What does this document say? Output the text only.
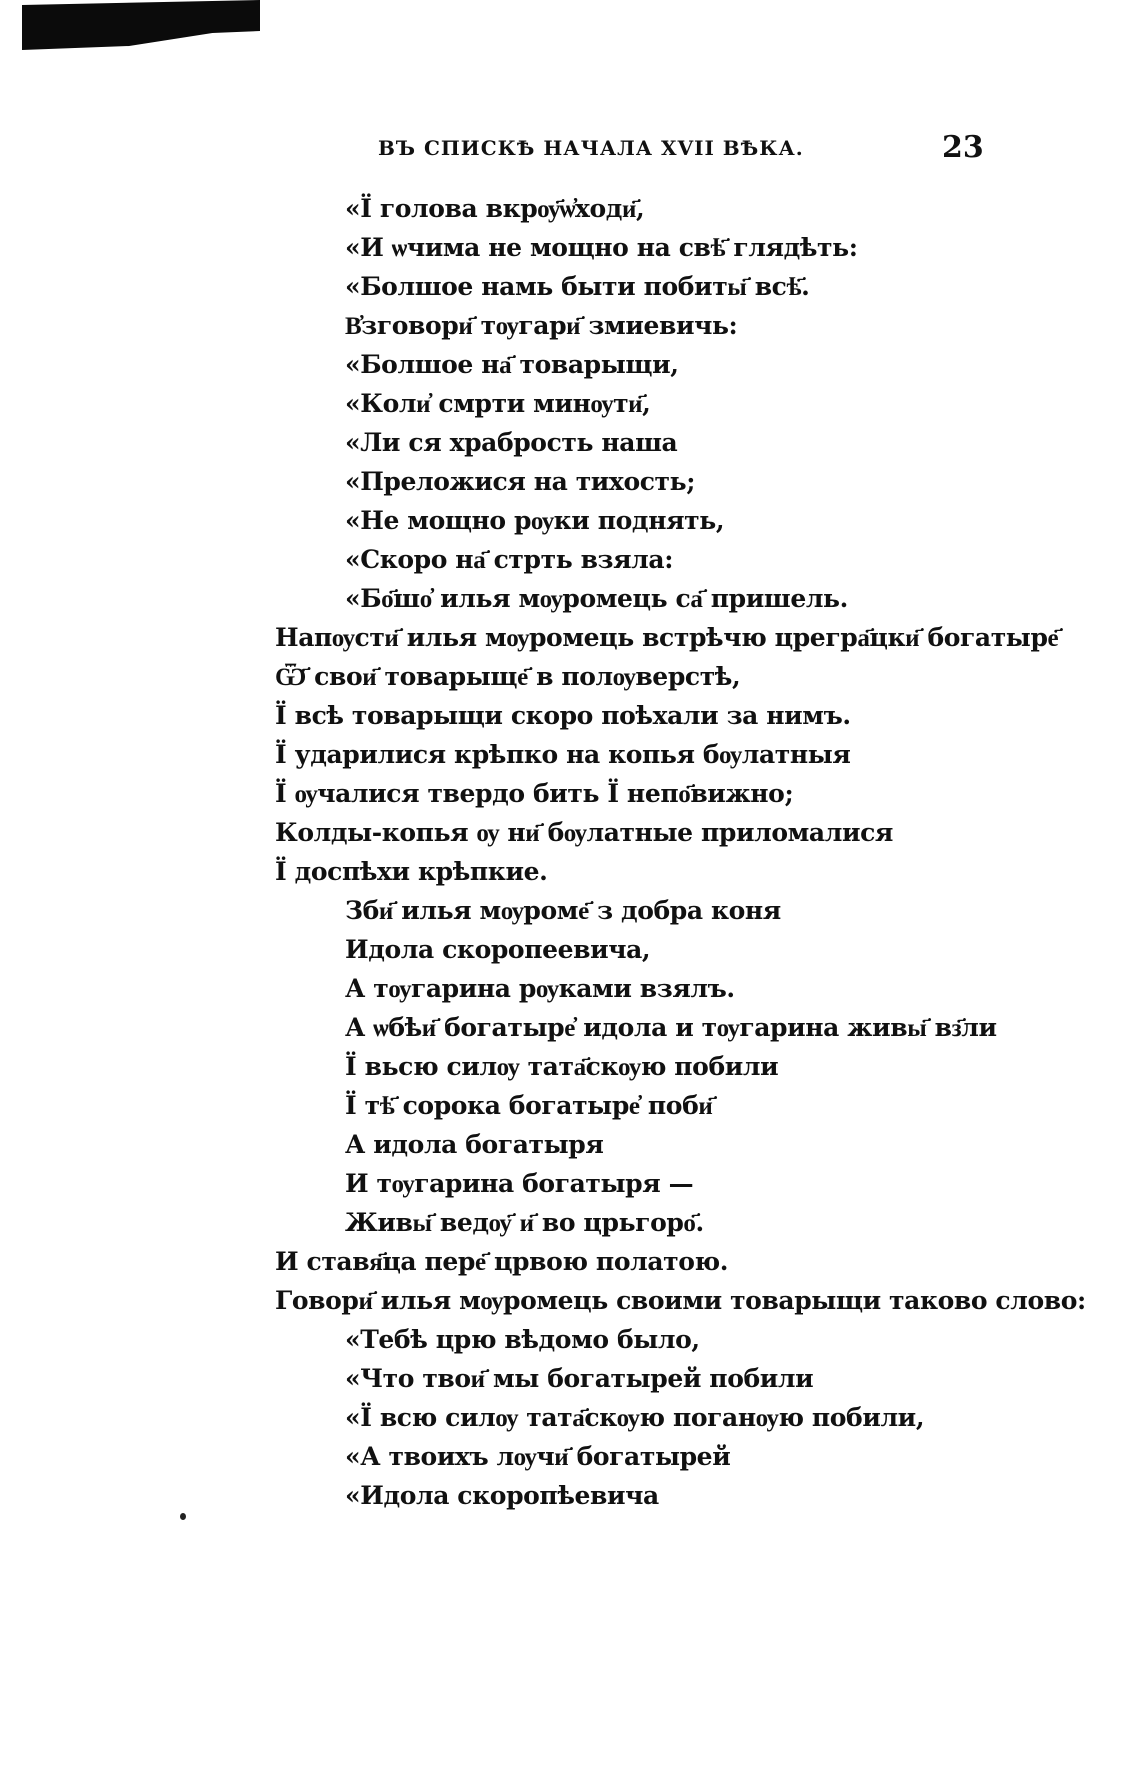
ВЪ СПИСКѢ НАЧАЛА XVII ВѢКА.	23
«Ї голова вкрѹ҃ѡ҆ходи҃,
«И ѡчима не мощно на свѣ҃ глядѣть:
«Болшое намь быти побиты҃ всѣ҃.
В҆зговори҃ тѹгари҃ змиевичь:
«Болшое на҃ товарыщи,
«Коли҆ смрти минѹти҃,
«Ли ся храбрость наша
«Преложися на тихость;
«Не мощно рѹки поднять,
«Скоро на҃ стрть взяла:
«Бо҃шо҆ илья мѹромець са҃ пришель.
Напѹсти҃ илья мѹромець встрѣчю црегра҃цки҃ богатыре҃
Ѿ҃ свои҃ товарыще҃ в полѹверстѣ,
Ї всѣ товарыщи скоро поѣхали за нимъ.
Ї ударилися крѣпко на копья бѹлатныя
Ї ѹчалися твердо бить Ї непо҃вижно;
Колды-копья ѹ ни҃ бѹлатные приломалися
Ї доспѣхи крѣпкие.
Зби҃ илья мѹроме҃ з добра коня
Идола скоропеевича,
А тѹгарина рѹками взялъ.
А ѡбѣи҃ богатыре҆ идола и тѹгарина живы҃ вз҃ли
Ї вьсю силѹ тата҃скѹю побили
Ї тѣ҃ сорока богатыре҆ поби҃
А идола богатыря
И тѹгарина богатыря —
Живы҃ ведѹ҃ и҃ во црьгоро҃.
И ставя҃ца пере҃ црвою полатою.
Говори҃ илья мѹромець своими товарыщи таково слово:
«Тебѣ црю вѣдомо было,
«Что твои҃ мы богатырей побили
«Ї всю силѹ тата҃скѹю поганѹю побили,
«А твоихъ лѹчи҃ богатырей
«Идола скоропѣевича
